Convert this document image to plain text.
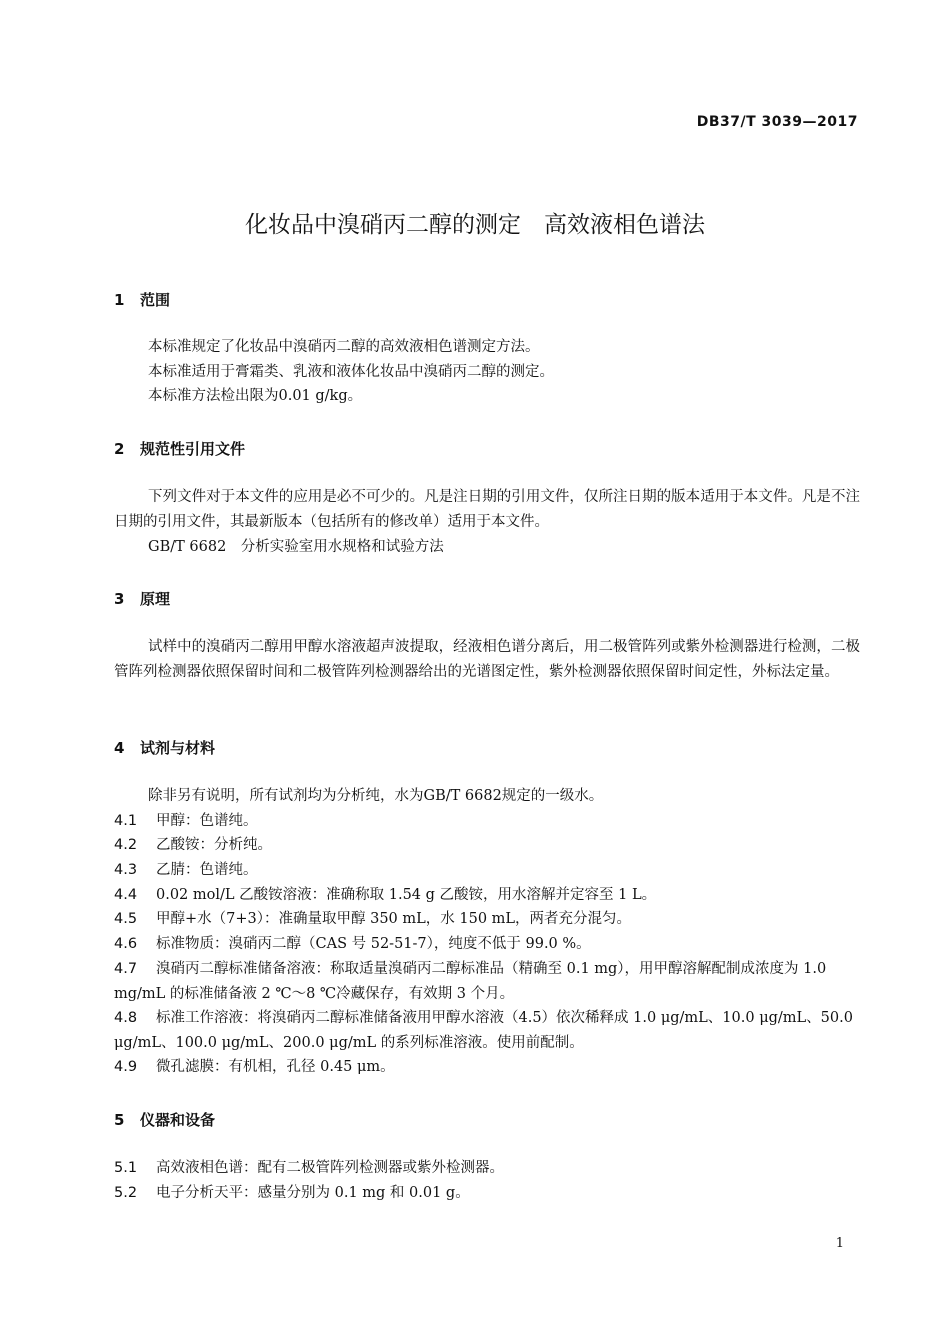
DB37/T 3039—2017
化妆品中溴硝丙二醇的测定　高效液相色谱法
1 范围
本标准规定了化妆品中溴硝丙二醇的高效液相色谱测定方法。
本标准适用于膏霜类、乳液和液体化妆品中溴硝丙二醇的测定。
本标准方法检出限为0.01 g/kg。
2 规范性引用文件
下列文件对于本文件的应用是必不可少的。凡是注日期的引用文件，仅所注日期的版本适用于本文件。凡是不注日期的引用文件，其最新版本（包括所有的修改单）适用于本文件。
GB/T 6682　分析实验室用水规格和试验方法
3 原理
试样中的溴硝丙二醇用甲醇水溶液超声波提取，经液相色谱分离后，用二极管阵列或紫外检测器进行检测，二极管阵列检测器依照保留时间和二极管阵列检测器给出的光谱图定性，紫外检测器依照保留时间定性，外标法定量。
4 试剂与材料
除非另有说明，所有试剂均为分析纯，水为GB/T 6682规定的一级水。
4.1 甲醇：色谱纯。
4.2 乙酸铵：分析纯。
4.3 乙腈：色谱纯。
4.4 0.02 mol/L 乙酸铵溶液：准确称取 1.54 g 乙酸铵，用水溶解并定容至 1 L。
4.5 甲醇+水（7+3）：准确量取甲醇 350 mL，水 150 mL，两者充分混匀。
4.6 标准物质：溴硝丙二醇（CAS 号 52-51-7），纯度不低于 99.0 %。
4.7 溴硝丙二醇标准储备溶液：称取适量溴硝丙二醇标准品（精确至 0.1 mg），用甲醇溶解配制成浓度为 1.0 mg/mL 的标准储备液 2 ℃～8 ℃冷藏保存，有效期 3 个月。
4.8 标准工作溶液：将溴硝丙二醇标准储备液用甲醇水溶液（4.5）依次稀释成 1.0 μg/mL、10.0 μg/mL、50.0 μg/mL、100.0 μg/mL、200.0 μg/mL 的系列标准溶液。使用前配制。
4.9 微孔滤膜：有机相，孔径 0.45 μm。
5 仪器和设备
5.1 高效液相色谱：配有二极管阵列检测器或紫外检测器。
5.2 电子分析天平：感量分别为 0.1 mg 和 0.01 g。
1
